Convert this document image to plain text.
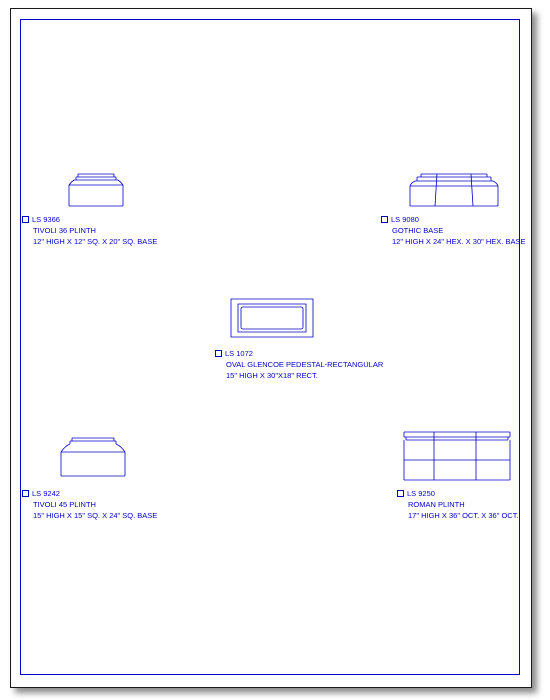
LS 9366
TIVOLI 36 PLINTH
12" HIGH X 12" SQ. X 20" SQ. BASE
LS 9080
GOTHIC BASE
12" HIGH X 24" HEX. X 30" HEX. BASE
LS 1072
OVAL GLENCOE PEDESTAL-RECTANGULAR
15" HIGH X 30"X18" RECT.
LS 9242
TIVOLI 45 PLINTH
15" HIGH X 15" SQ. X 24" SQ. BASE
LS 9250
ROMAN PLINTH
17" HIGH X 36" OCT. X 36" OCT.
